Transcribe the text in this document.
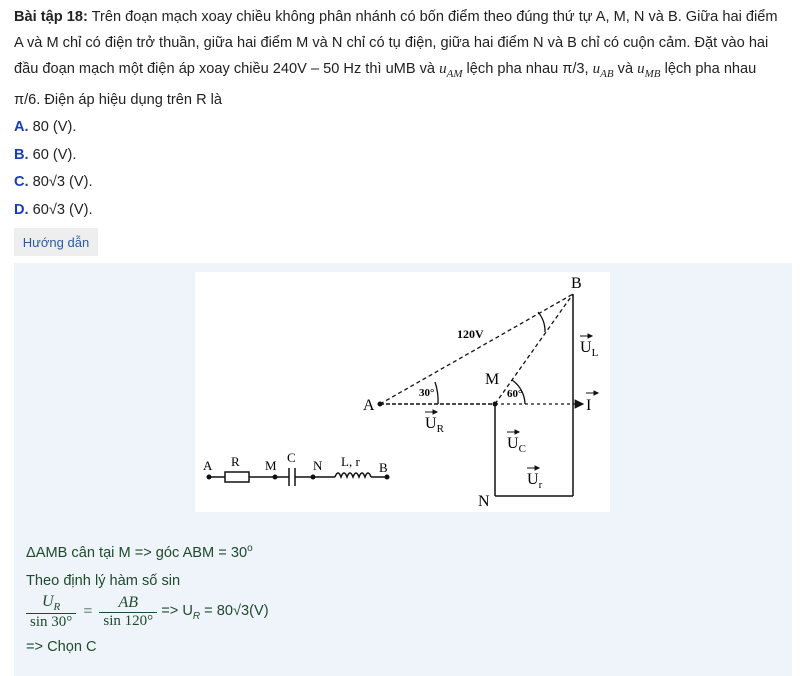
Bài tập 18: Trên đoạn mạch xoay chiều không phân nhánh có bốn điểm theo đúng thứ tự A, M, N và B. Giữa hai điểm A và M chỉ có điện trở thuần, giữa hai điểm M và N chỉ có tụ điện, giữa hai điểm N và B chỉ có cuộn cảm. Đặt vào hai đầu đoạn mạch một điện áp xoay chiều 240V – 50 Hz thì uMB và $u_{AM}$ lệch pha nhau π/3, $u_{AB}$ và $u_{MB}$ lệch pha nhau π/6. Điện áp hiệu dụng trên R là
A. 80 (V).
B. 60 (V).
C. 80√3 (V).
D. 60√3 (V).
Hướng dẫn
B
A
M
N
120V
30°	60°
$U_L$
I
$U_R$
$U_C$
$U_r$
A R M
C
N L, r B
ΔAMB cân tại M => góc ABM = $30^o$
Theo định lý hàm số sin
$\frac{U_R}{\sin 30^\circ} = \frac{AB}{\sin 120^\circ} => U_R = 80√3(V)$
=> Chọn C
